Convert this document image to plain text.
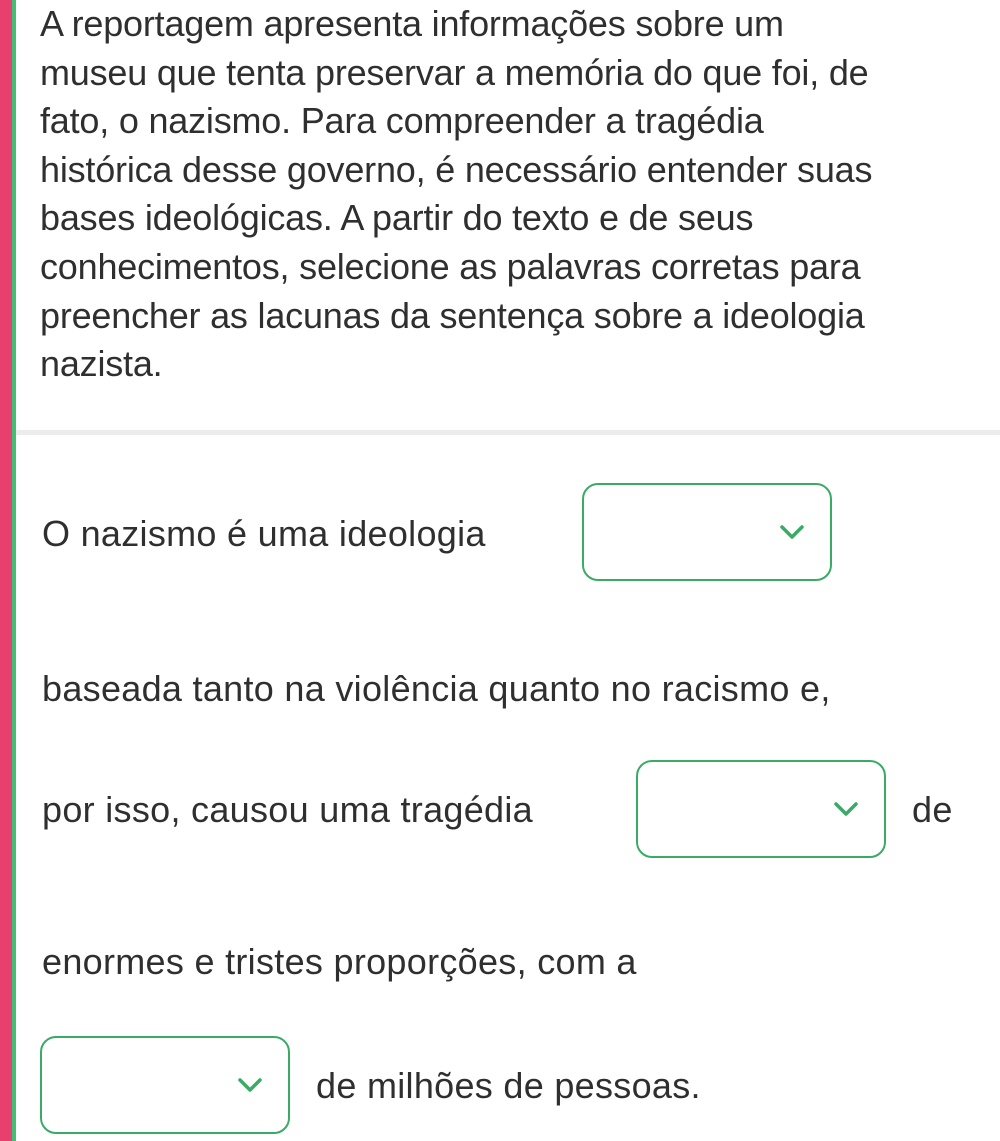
A reportagem apresenta informações sobre um
museu que tenta preservar a memória do que foi, de
fato, o nazismo. Para compreender a tragédia
histórica desse governo, é necessário entender suas
bases ideológicas. A partir do texto e de seus
conhecimentos, selecione as palavras corretas para
preencher as lacunas da sentença sobre a ideologia
nazista.
O nazismo é uma ideologia
baseada tanto na violência quanto no racismo e,
por isso, causou uma tragédia	de
enormes e tristes proporções, com a
de milhões de pessoas.
